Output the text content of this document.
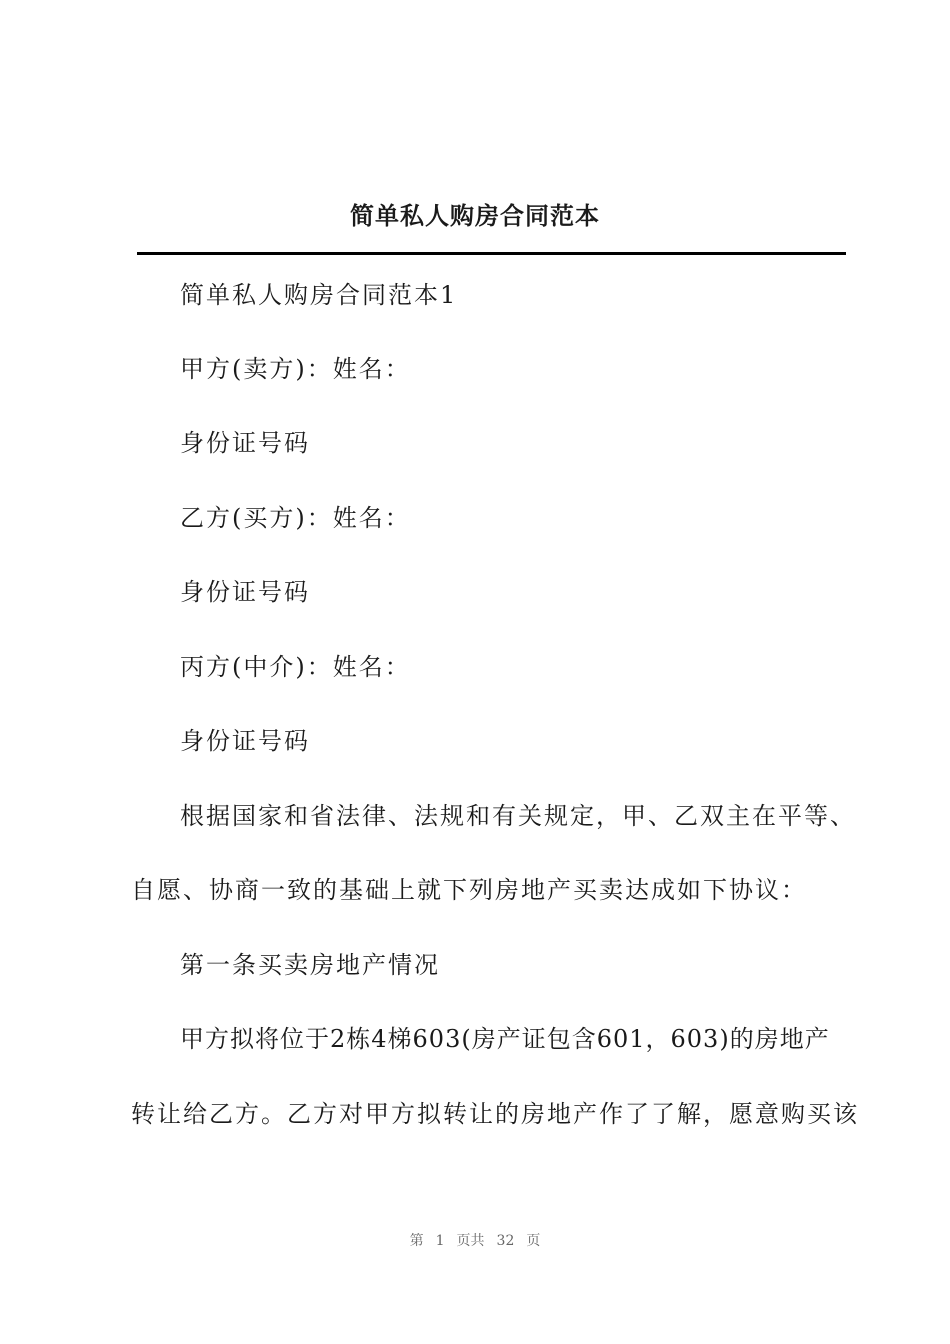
简单私人购房合同范本
简单私人购房合同范本1
甲方(卖方)：姓名：
身份证号码
乙方(买方)：姓名：
身份证号码
丙方(中介)：姓名：
身份证号码
根据国家和省法律、法规和有关规定，甲、乙双主在平等、
自愿、协商一致的基础上就下列房地产买卖达成如下协议：
第一条买卖房地产情况
甲方拟将位于2栋4梯603(房产证包含601，603)的房地产
转让给乙方。乙方对甲方拟转让的房地产作了了解，愿意购买该
第 1 页共 32 页
